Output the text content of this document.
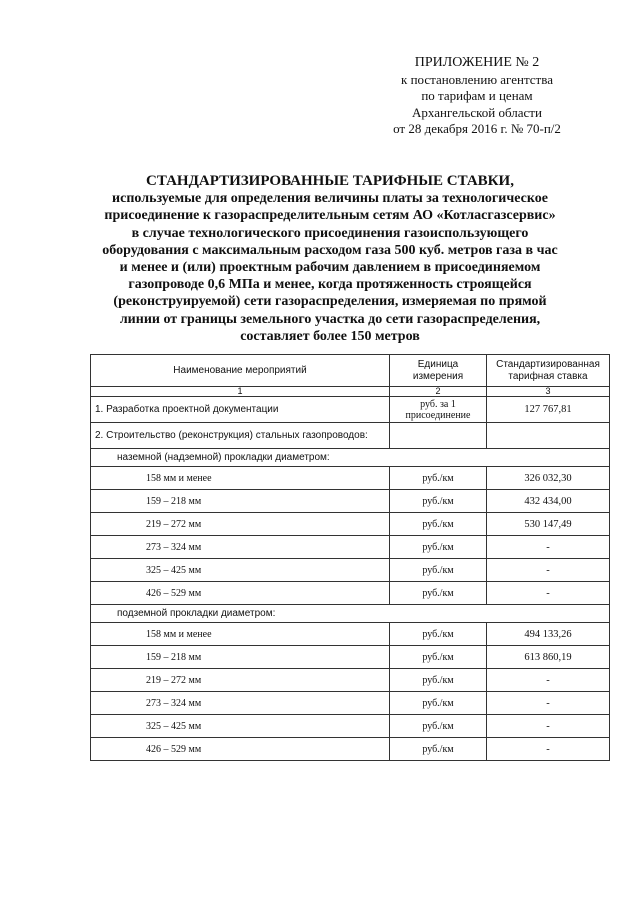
ПРИЛОЖЕНИЕ № 2
к постановлению агентства
по тарифам и ценам
Архангельской области
от 28 декабря 2016 г. № 70-п/2
СТАНДАРТИЗИРОВАННЫЕ ТАРИФНЫЕ СТАВКИ,
используемые для определения величины платы за технологическое
присоединение к газораспределительным сетям АО «Котласгазсервис»
в случае технологического присоединения газоиспользующего
оборудования с максимальным расходом газа 500 куб. метров газа в час
и менее и (или) проектным рабочим давлением в присоединяемом
газопроводе 0,6 МПа и менее, когда протяженность строящейся
(реконструируемой) сети газораспределения, измеряемая по прямой
линии от границы земельного участка до сети газораспределения,
составляет более 150 метров
Наименование мероприятий	Единица измерения	Стандартизированная тарифная ставка
1	2	3
1. Разработка проектной документации	руб. за 1 присоединение	127 767,81
2. Строительство (реконструкция) стальных газопроводов:		
наземной (надземной) прокладки диаметром:		
158 мм и менее	руб./км	326 032,30
159 – 218 мм	руб./км	432 434,00
219 – 272 мм	руб./км	530 147,49
273 – 324 мм	руб./км	-
325 – 425 мм	руб./км	-
426 – 529 мм	руб./км	-
подземной прокладки диаметром:		
158 мм и менее	руб./км	494 133,26
159 – 218 мм	руб./км	613 860,19
219 – 272 мм	руб./км	-
273 – 324 мм	руб./км	-
325 – 425 мм	руб./км	-
426 – 529 мм	руб./км	-
